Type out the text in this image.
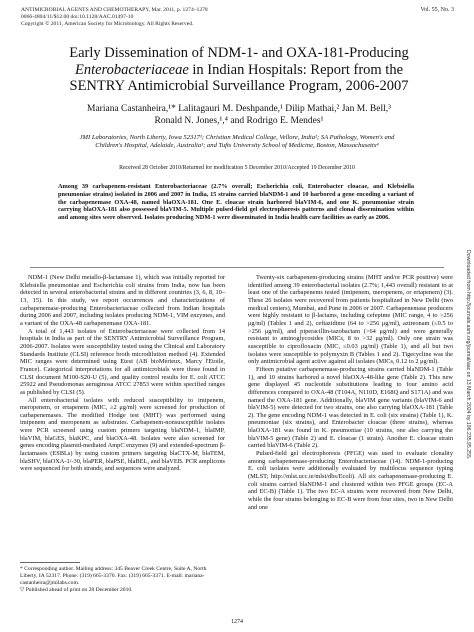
ANTIMICROBIAL AGENTS AND CHEMOTHERAPY, Mar. 2011, p. 1274–1278
0066-4804/11/$12.00 doi:10.1128/AAC.01497-10
Copyright © 2011, American Society for Microbiology. All Rights Reserved.
Vol. 55, No. 3
Early Dissemination of NDM-1- and OXA-181-Producing
Enterobacteriaceae in Indian Hospitals: Report from the
SENTRY Antimicrobial Surveillance Program, 2006-2007
Mariana Castanheira,¹* Lalitagauri M. Deshpande,¹ Dilip Mathai,² Jan M. Bell,³
Ronald N. Jones,¹,⁴ and Rodrigo E. Mendes¹
JMI Laboratories, North Liberty, Iowa 52317¹; Christian Medical College, Vellore, India²; SA Pathology, Women's and
Children's Hospital, Adelaide, Australia³; and Tufts University School of Medicine, Boston, Massachusetts⁴
Received 28 October 2010/Returned for modification 5 December 2010/Accepted 19 December 2010
Among 39 carbapenem-resistant Enterobacteriaceae (2.7% overall; Escherichia coli, Enterobacter cloacae, and Klebsiella pneumoniae strains) isolated in 2006 and 2007 in India, 15 strains carried blaNDM-1 and 10 harbored a gene encoding a variant of the carbapenemase OXA-48, named blaOXA-181. One E. cloacae strain harbored blaVIM-6, and one K. pneumoniae strain carrying blaOXA-181 also possessed blaVIM-5. Multiple pulsed-field gel electrophoresis patterns and clonal dissemination within and among sites were observed. Isolates producing NDM-1 were disseminated in India health care facilities as early as 2006.

NDM-1 (New Delhi metallo-β-lactamase 1), which was initially reported for Klebsiella pneumoniae and Escherichia coli strains from India, now has been detected in several enterobacterial strains and in different countries (3, 6, 8, 10–13, 15). In this study, we report occurrences and characterizations of carbapenemase-producing Enterobacteriaceae collected from Indian hospitals during 2006 and 2007, including isolates producing NDM-1, VIM enzymes, and a variant of the OXA-48 carbapenemase OXA-181.

A total of 1,443 isolates of Enterobacteriaceae were collected from 14 hospitals in India as part of the SENTRY Antimicrobial Surveillance Program, 2006-2007. Isolates were susceptibility tested using the Clinical and Laboratory Standards Institute (CLSI) reference broth microdilution method (4). Extended MIC ranges were determined using Etest (AB bioMérieux, Marcy l'Etoile, France). Categorical interpretations for all antimicrobials were those found in CLSI document M100-S20-U (5), and quality control results for E. coli ATCC 25922 and Pseudomonas aeruginosa ATCC 27853 were within specified ranges as published by CLSI (5).

All enterobacterial isolates with reduced susceptibility to imipenem, meropenem, or ertapenem (MIC, ≥2 μg/ml) were screened for production of carbapenemases. The modified Hodge test (MHT) was performed using imipenem and meropenem as substrates. Carbapenem-nonsusceptible isolates were PCR screened using custom primers targeting blaNDM-1, blaIMP, blaVIM, blaGES, blaKPC, and blaOXA-48. Isolates were also screened for genes encoding plasmid-mediated AmpC enzymes (9) and extended-spectrum β-lactamases (ESBLs) by using custom primers targeting blaCTX-M, blaTEM, blaSHV, blaOXA-1/-30, blaPER, blaPSE, blaBEL, and blaVEB. PCR amplicons were sequenced for both strands, and sequences were analyzed.

Twenty-six carbapenem-producing strains (MHT and/or PCR positive) were identified among 39 enterobacterial isolates (2.7%; 1,443 overall) resistant to at least one of the carbapenems tested (imipenem, meropenem, or ertapenem) (3). These 26 isolates were recovered from patients hospitalized in New Delhi (two medical centers), Mumbai, and Pune in 2006 or 2007. Carbapenemase producers were highly resistant to β-lactams, including cefepime (MIC range, 4 to >256 μg/ml) (Tables 1 and 2), ceftazidime (64 to >256 μg/ml), aztreonam (≤0.5 to >256 μg/ml), and piperacillin-tazobactam (>64 μg/ml) and were generally resistant to aminoglycosides (MICs, 8 to >32 μg/ml). Only one strain was susceptible to ciprofloxacin (MIC, ≤0.03 μg/ml) (Table 1), and all but two isolates were susceptible to polymyxin B (Tables 1 and 2). Tigecycline was the only antimicrobial agent active against all isolates (MICs, 0.12 to 2 μg/ml).

Fifteen putative carbapenemase-producing strains carried blaNDM-1 (Table 1), and 10 strains harbored a novel blaOXA-48-like gene (Table 2). This new gene displayed 45 nucleotide substitutions leading to four amino acid differences compared to OXA-48 (T104A, N110D, E168Q and S171A) and was named the OXA-181 gene. Additionally, blaVIM gene variants (blaVIM-6 and blaVIM-5) were detected for two strains, one also carrying blaOXA-181 (Table 2). The gene encoding NDM-1 was detected in E. coli (six strains) (Table 1), K. pneumoniae (six strains), and Enterobacter cloacae (three strains), whereas blaOXA-181 was found in K. pneumoniae (10 strains, one also carrying the blaVIM-5 gene) (Table 2) and E. cloacae (1 strain). Another E. cloacae strain carried blaVIM-6 (Table 2).

Pulsed-field gel electrophoresis (PFGE) was used to evaluate clonality among carbapenemase-producing Enterobacteriaceae (14). NDM-1-producing E. coli isolates were additionally evaluated by multilocus sequence typing (MLST; http://mlst.ucc.ie/mlst/dbs/Ecoli). All six carbapenemase-producing E. coli strains carried blaNDM-1 and clustered within two PFGE groups (EC-A and EC-B) (Table 1). The two EC-A strains were recovered from New Delhi, while the four strains belonging to EC-B were from four sites, two in New Delhi and one

* Corresponding author. Mailing address: 345 Beaver Creek Centre, Suite A, North Liberty, IA 52317. Phone: (319) 665-3370. Fax: (319) 665-3371. E-mail: mariana-castanheira@jmilabs.com.
▽ Published ahead of print on 28 December 2010.
1274
Downloaded from http://journals.asm.org/journal/aac on 13 March 2024 by 196.235.95.255.
